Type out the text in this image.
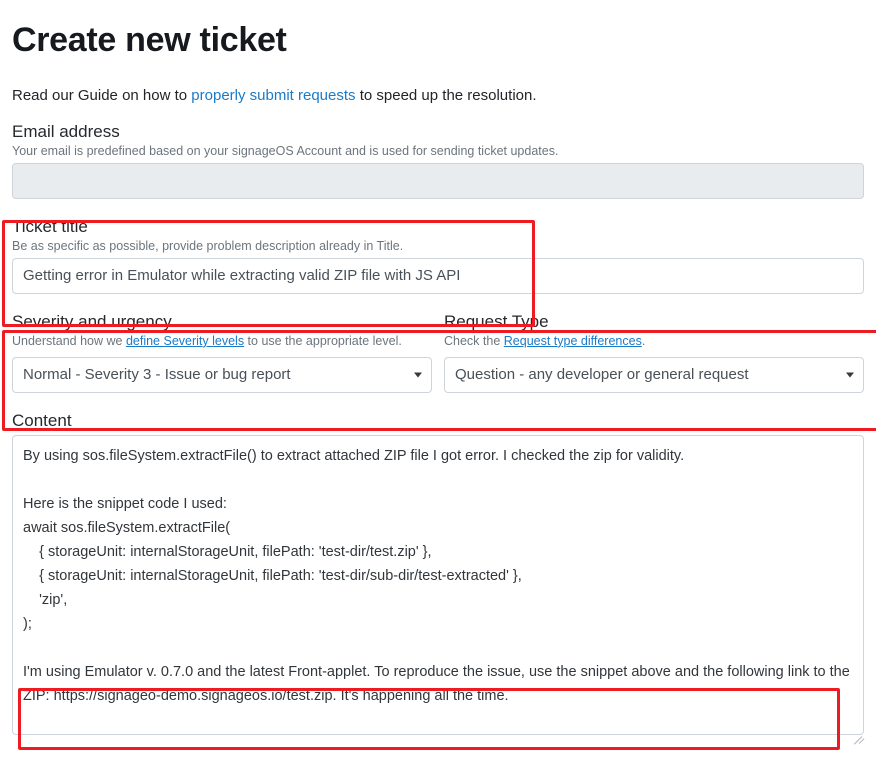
Create new ticket

Read our Guide on how to properly submit requests to speed up the resolution.

Email address
Your email is predefined based on your signageOS Account and is used for sending ticket updates.
Ticket title
Be as specific as possible, provide problem description already in Title.
Getting error in Emulator while extracting valid ZIP file with JS API
Severity and urgency
Understand how we define Severity levels to use the appropriate level.
Request Type
Check the Request type differences.
Normal - Severity 3 - Issue or bug report
Question - any developer or general request
Content
By using sos.fileSystem.extractFile() to extract attached ZIP file I got error. I checked the zip for validity. Here is the snippet code I used: await sos.fileSystem.extractFile( { storageUnit: internalStorageUnit, filePath: 'test-dir/test.zip' }, { storageUnit: internalStorageUnit, filePath: 'test-dir/sub-dir/test-extracted' }, 'zip', ); I'm using Emulator v. 0.7.0 and the latest Front-applet. To reproduce the issue, use the snippet above and the following link to the ZIP: https://signageo-demo.signageos.io/test.zip. It's happening all the time.
